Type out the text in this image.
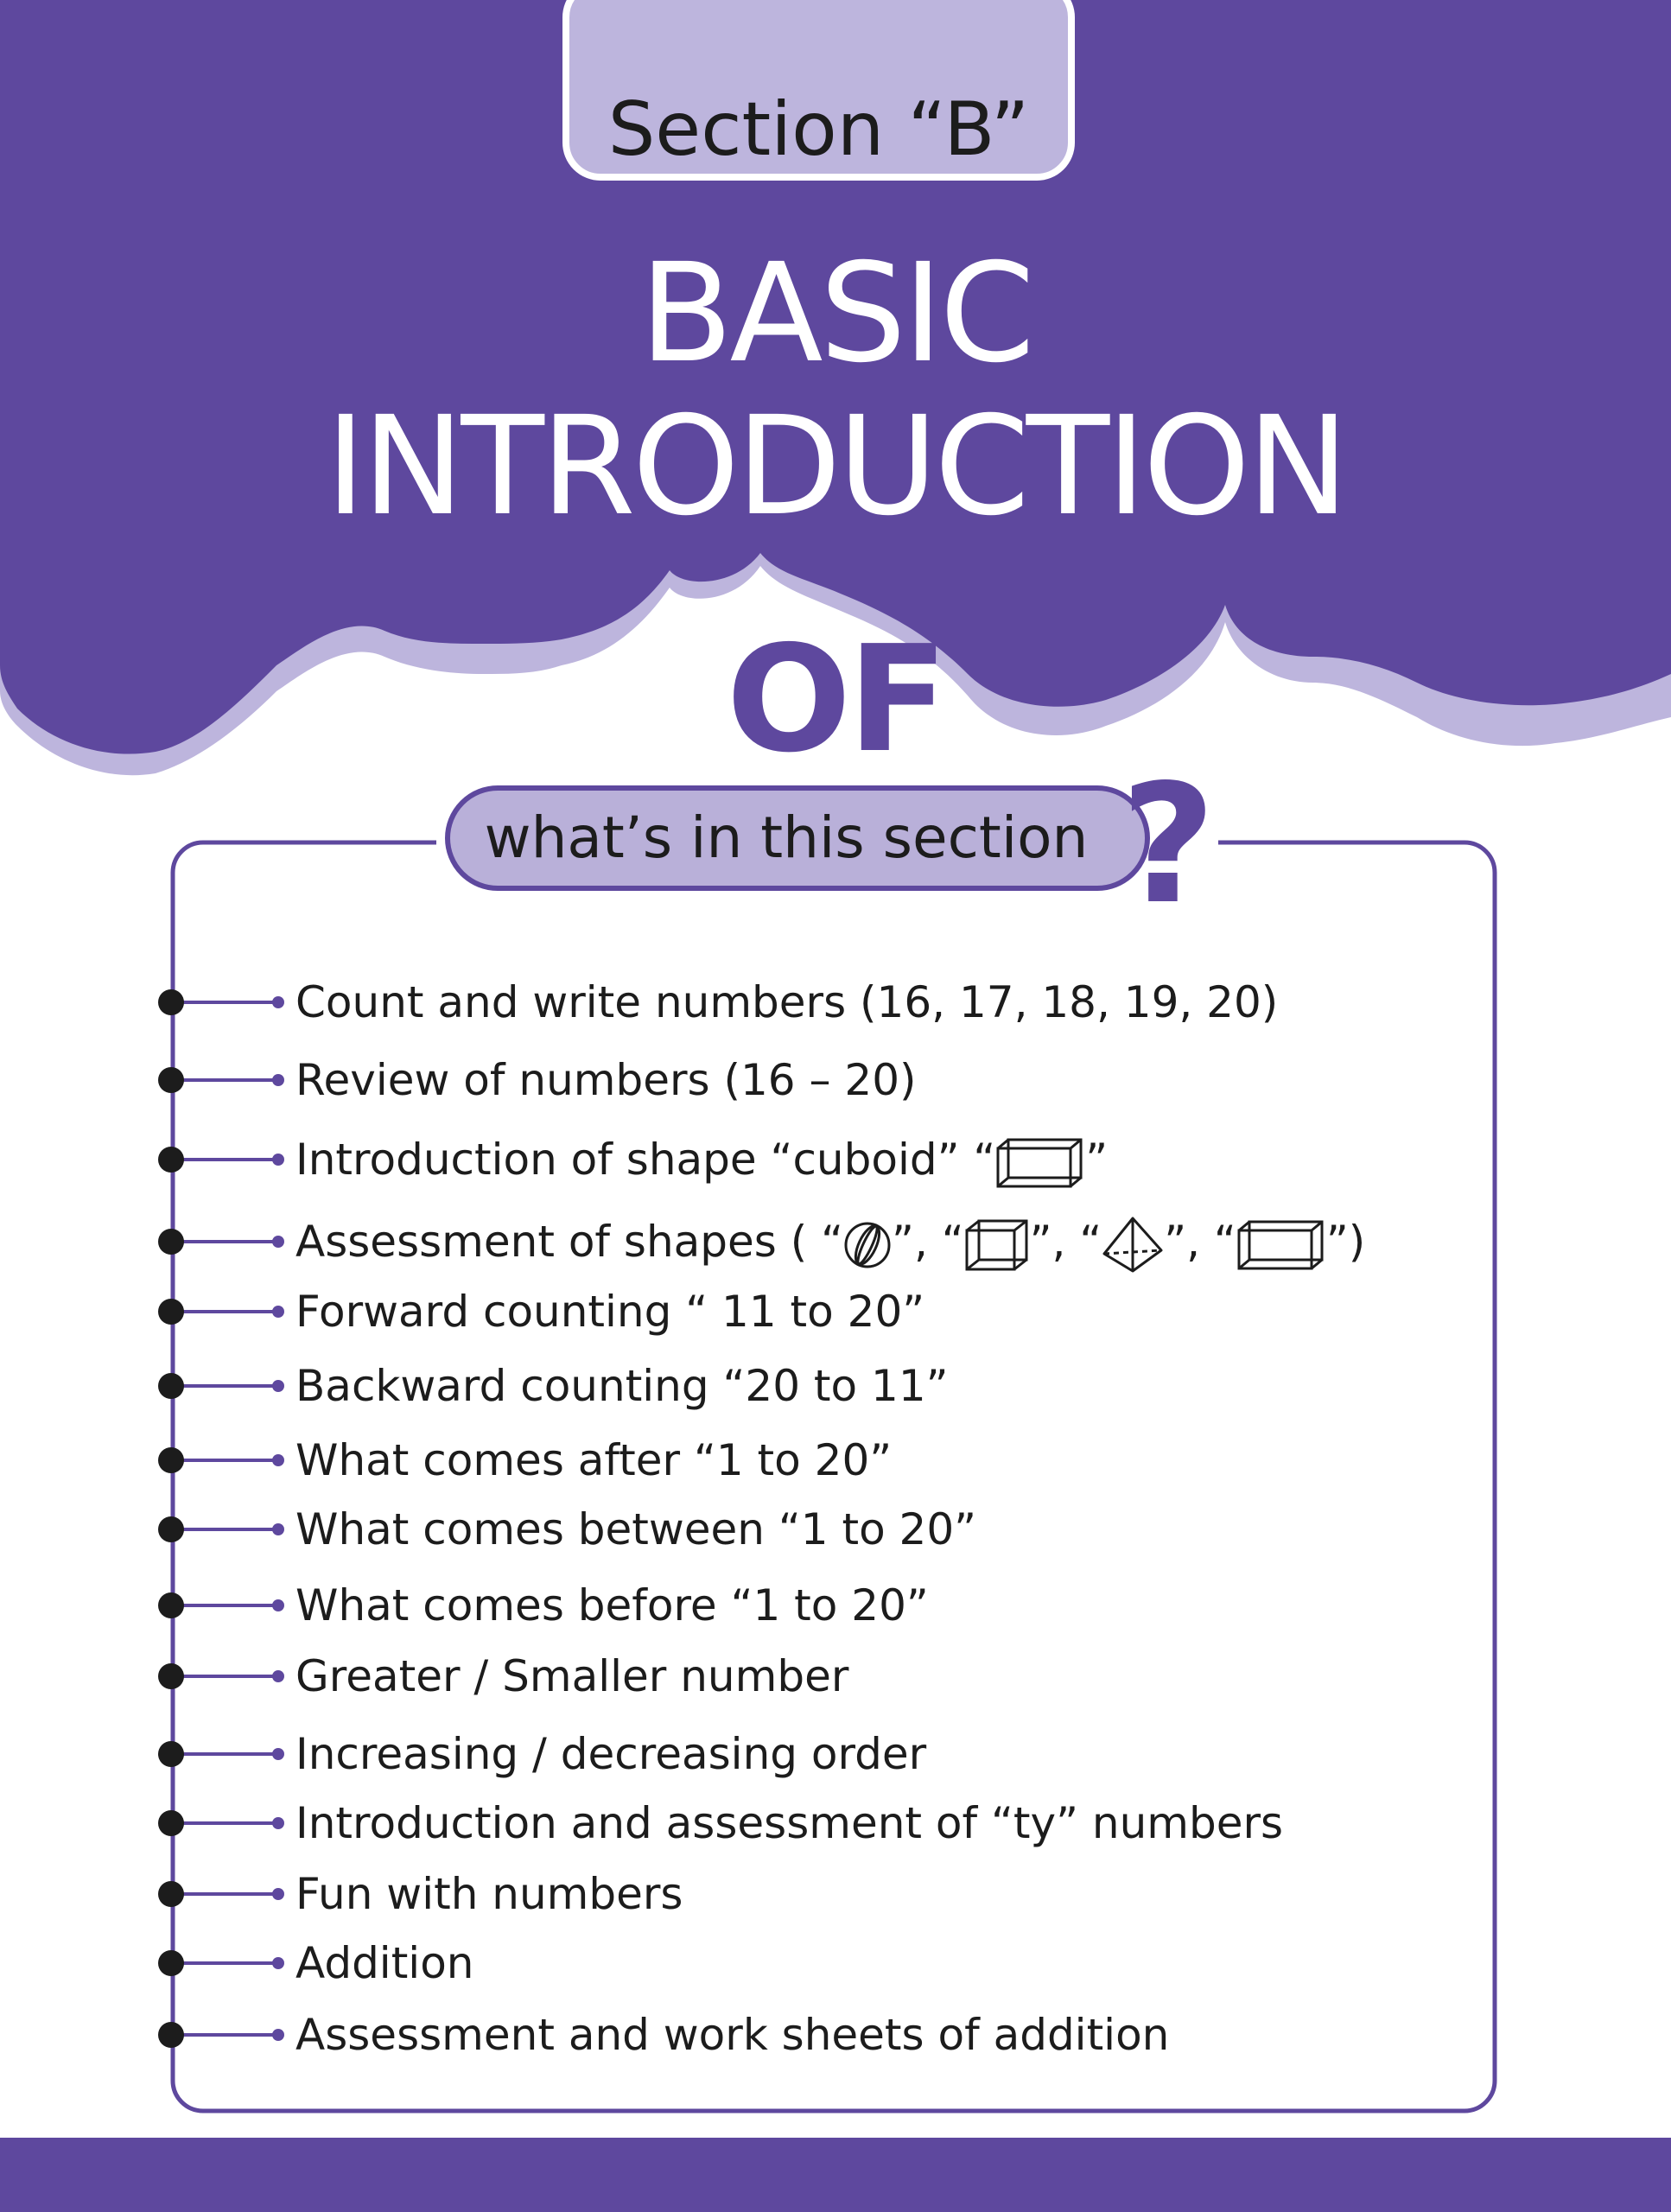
Section “B”
BASIC
INTRODUCTION
OF
what’s in this section ?
Count and write numbers (16, 17, 18, 19, 20)
Review of numbers (16 – 20)
Introduction of shape “cuboid” “ ”
Assessment of shapes ( “ ”, “ ”, “ ”, “ ”)
Forward counting “ 11 to 20”
Backward counting “20 to 11”
What comes after “1 to 20”
What comes between “1 to 20”
What comes before “1 to 20”
Greater / Smaller number
Increasing / decreasing order
Introduction and assessment of “ty” numbers
Fun with numbers
Addition
Assessment and work sheets of addition
